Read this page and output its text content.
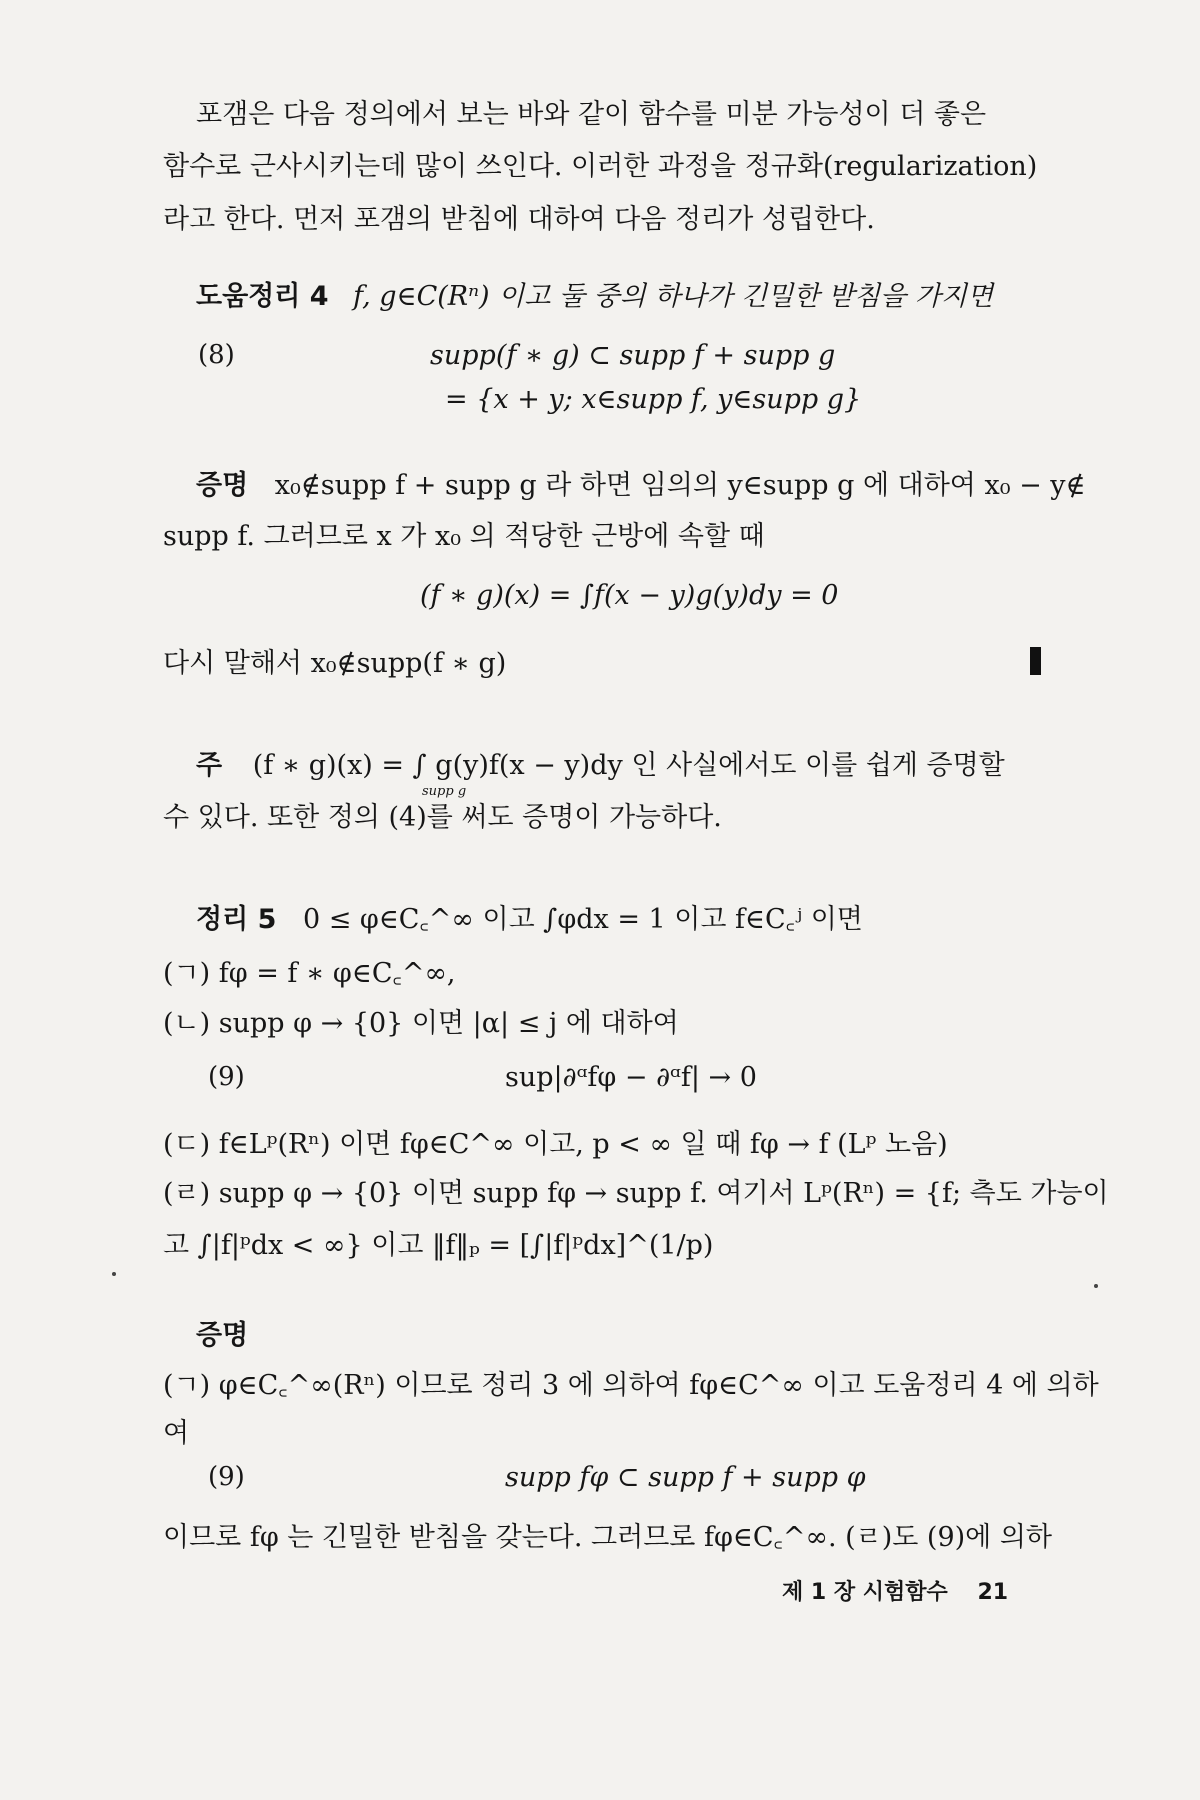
포갬은 다음 정의에서 보는 바와 같이 함수를 미분 가능성이 더 좋은
함수로 근사시키는데 많이 쓰인다. 이러한 과정을 정규화(regularization)
라고 한다. 먼저 포갬의 받침에 대하여 다음 정리가 성립한다.
도움정리 4 f, g∈C(Rⁿ) 이고 둘 중의 하나가 긴밀한 받침을 가지면
(8)	supp(f ∗ g) ⊂ supp f + supp g
= {x + y; x∈supp f, y∈supp g}
증명 x₀∉supp f + supp g 라 하면 임의의 y∈supp g 에 대하여 x₀ − y∉
supp f. 그러므로 x 가 x₀ 의 적당한 근방에 속할 때
(f ∗ g)(x) = ∫f(x − y)g(y)dy = 0
다시 말해서 x₀∉supp(f ∗ g)
주 (f ∗ g)(x) = ∫ g(y)f(x − y)dy 인 사실에서도 이를 쉽게 증명할
supp g
수 있다. 또한 정의 (4)를 써도 증명이 가능하다.
정리 5 0 ≤ φ∈C꜀^∞ 이고 ∫φdx = 1 이고 f∈C꜀ʲ 이면
(ㄱ) fφ = f ∗ φ∈C꜀^∞,
(ㄴ) supp φ → {0} 이면 |α| ≤ j 에 대하여
(9)	sup|∂ᵅfφ − ∂ᵅf| → 0
(ㄷ) f∈Lᵖ(Rⁿ) 이면 fφ∈C^∞ 이고, p < ∞ 일 때 fφ → f (Lᵖ 노음)
(ㄹ) supp φ → {0} 이면 supp fφ → supp f. 여기서 Lᵖ(Rⁿ) = {f; 측도 가능이
고 ∫|f|ᵖdx < ∞} 이고 ‖f‖ₚ = [∫|f|ᵖdx]^(1/p)
증명
(ㄱ) φ∈C꜀^∞(Rⁿ) 이므로 정리 3 에 의하여 fφ∈C^∞ 이고 도움정리 4 에 의하
여
(9)	supp fφ ⊂ supp f + supp φ
이므로 fφ 는 긴밀한 받침을 갖는다. 그러므로 fφ∈C꜀^∞. (ㄹ)도 (9)에 의하
제 1 장 시험함수 21
